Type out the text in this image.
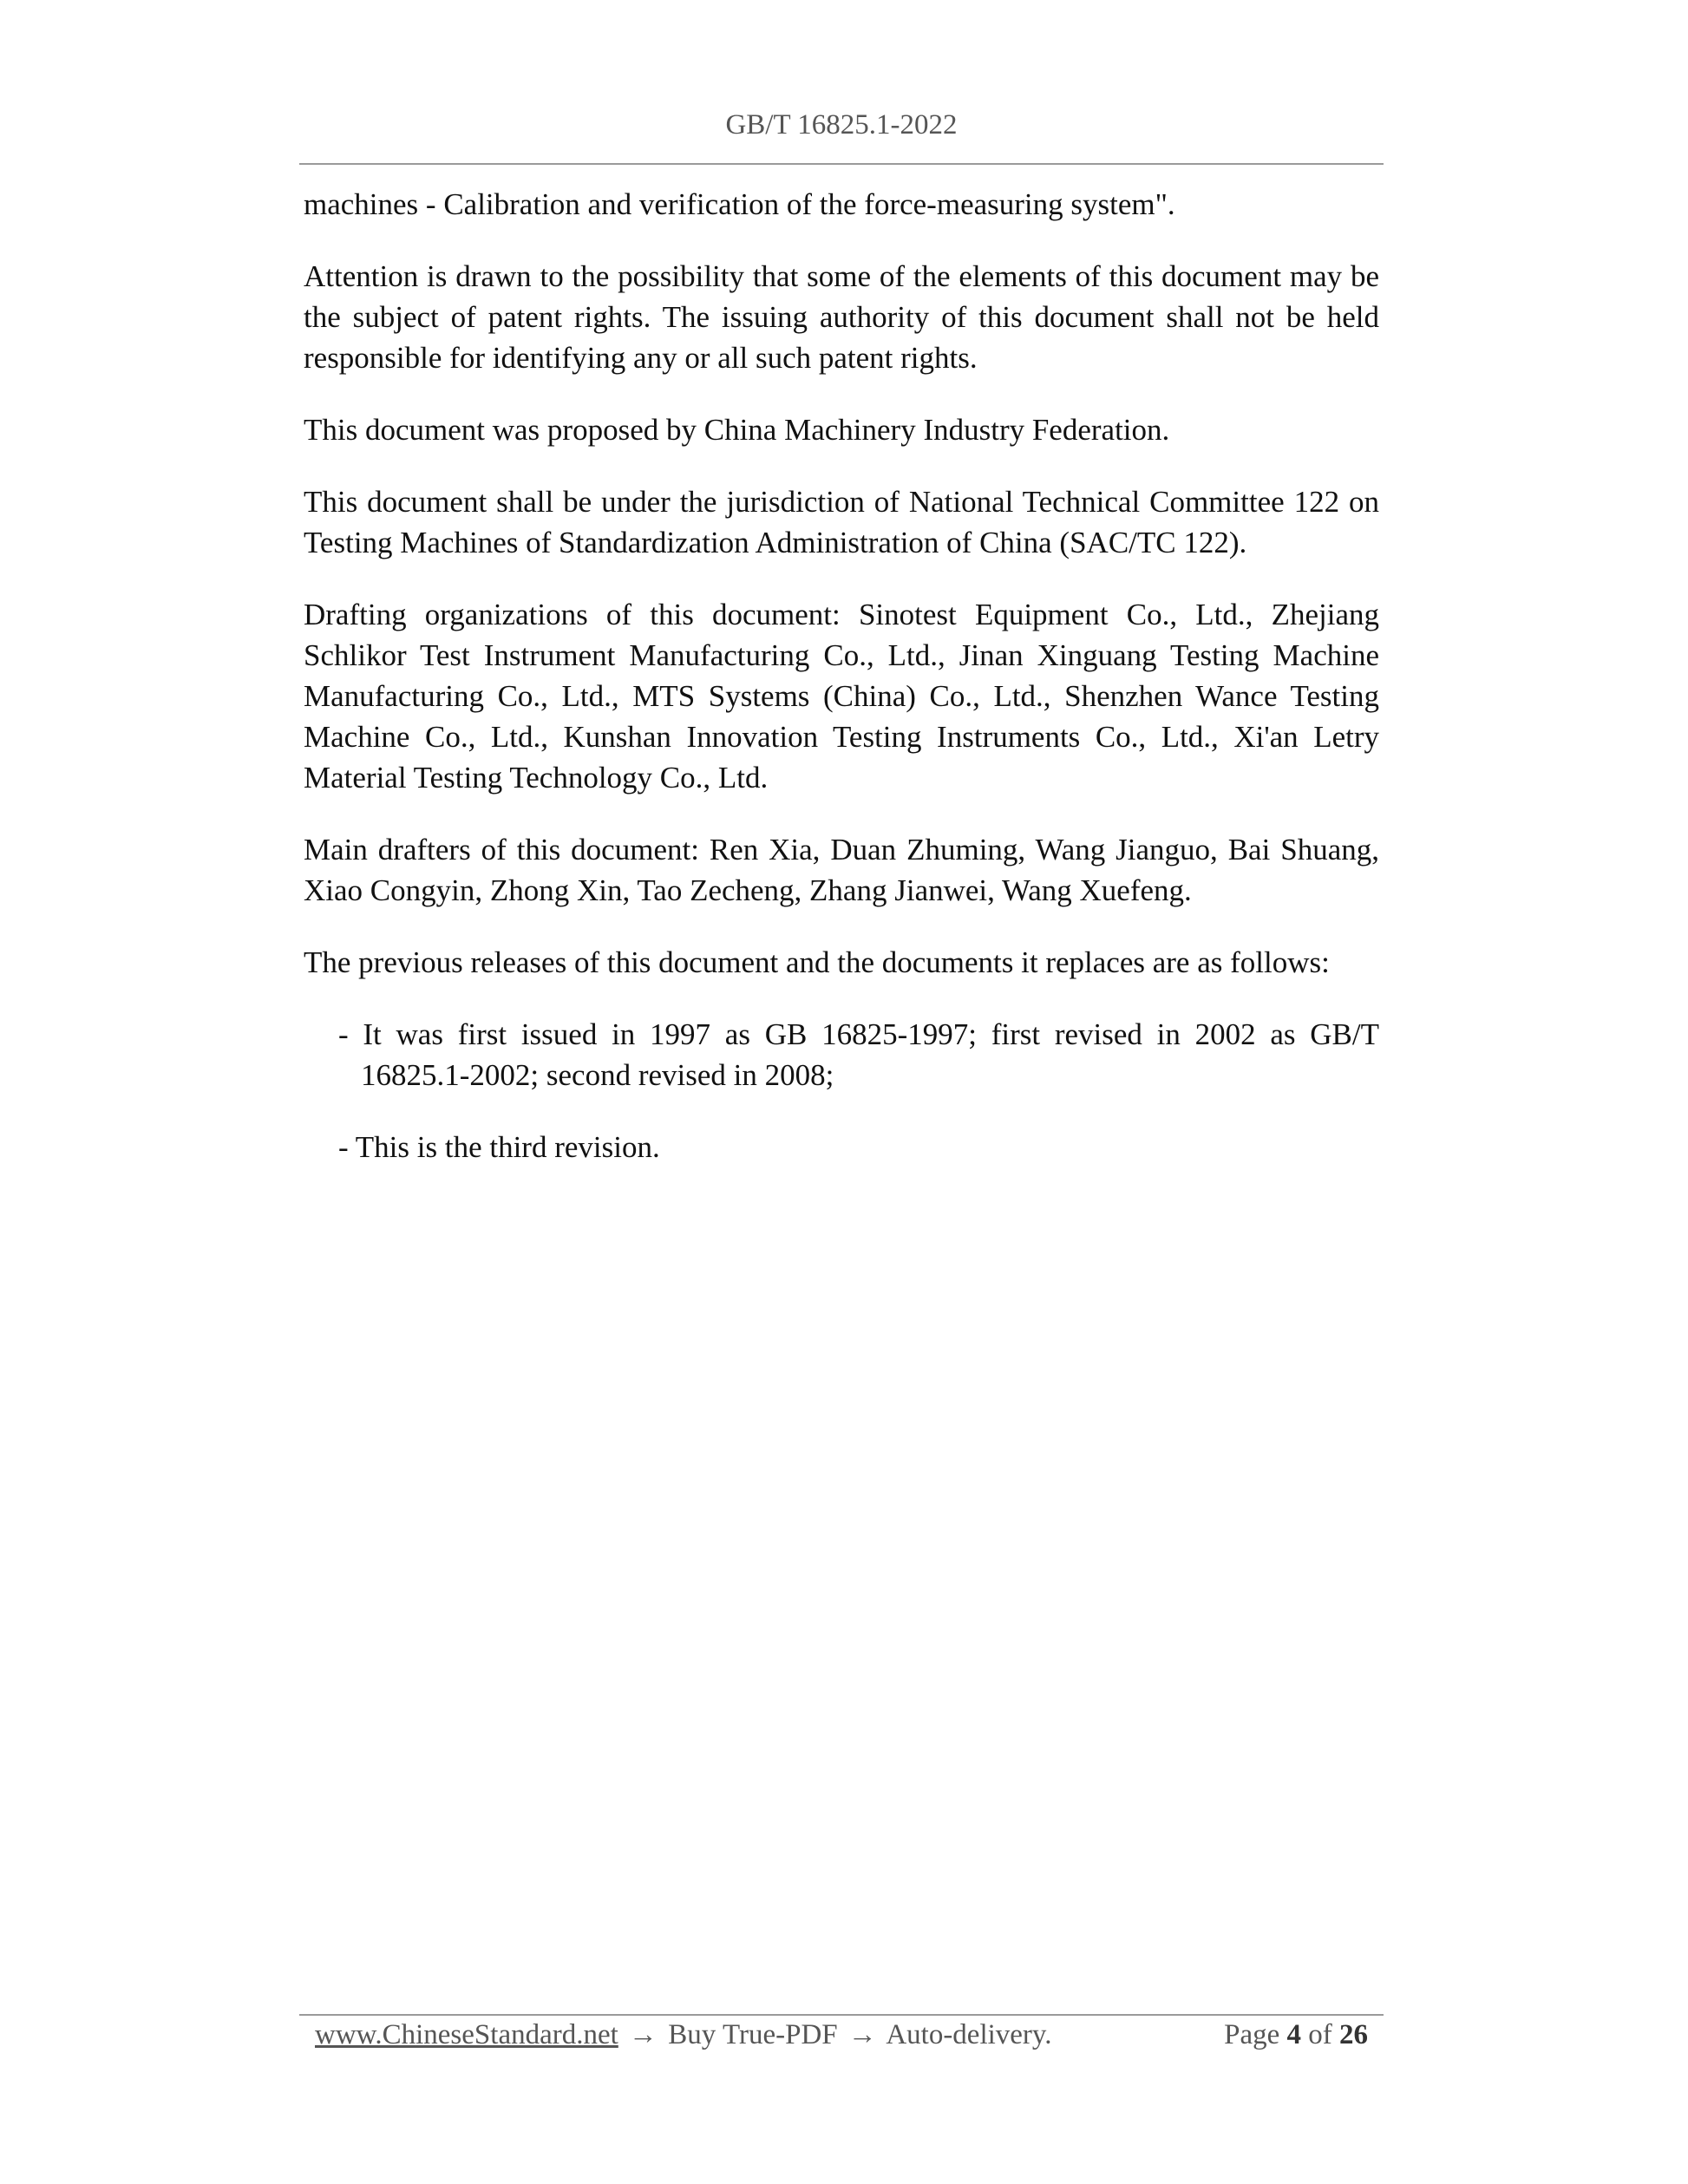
GB/T 16825.1-2022

machines - Calibration and verification of the force-measuring system".

Attention is drawn to the possibility that some of the elements of this document may be the subject of patent rights. The issuing authority of this document shall not be held responsible for identifying any or all such patent rights.

This document was proposed by China Machinery Industry Federation.

This document shall be under the jurisdiction of National Technical Committee 122 on Testing Machines of Standardization Administration of China (SAC/TC 122).

Drafting organizations of this document: Sinotest Equipment Co., Ltd., Zhejiang Schlikor Test Instrument Manufacturing Co., Ltd., Jinan Xinguang Testing Machine Manufacturing Co., Ltd., MTS Systems (China) Co., Ltd., Shenzhen Wance Testing Machine Co., Ltd., Kunshan Innovation Testing Instruments Co., Ltd., Xi'an Letry Material Testing Technology Co., Ltd.

Main drafters of this document: Ren Xia, Duan Zhuming, Wang Jianguo, Bai Shuang, Xiao Congyin, Zhong Xin, Tao Zecheng, Zhang Jianwei, Wang Xuefeng.

The previous releases of this document and the documents it replaces are as follows:

- It was first issued in 1997 as GB 16825-1997; first revised in 2002 as GB/T 16825.1-2002; second revised in 2008;

- This is the third revision.

www.ChineseStandard.net → Buy True-PDF → Auto-delivery.	Page 4 of 26
